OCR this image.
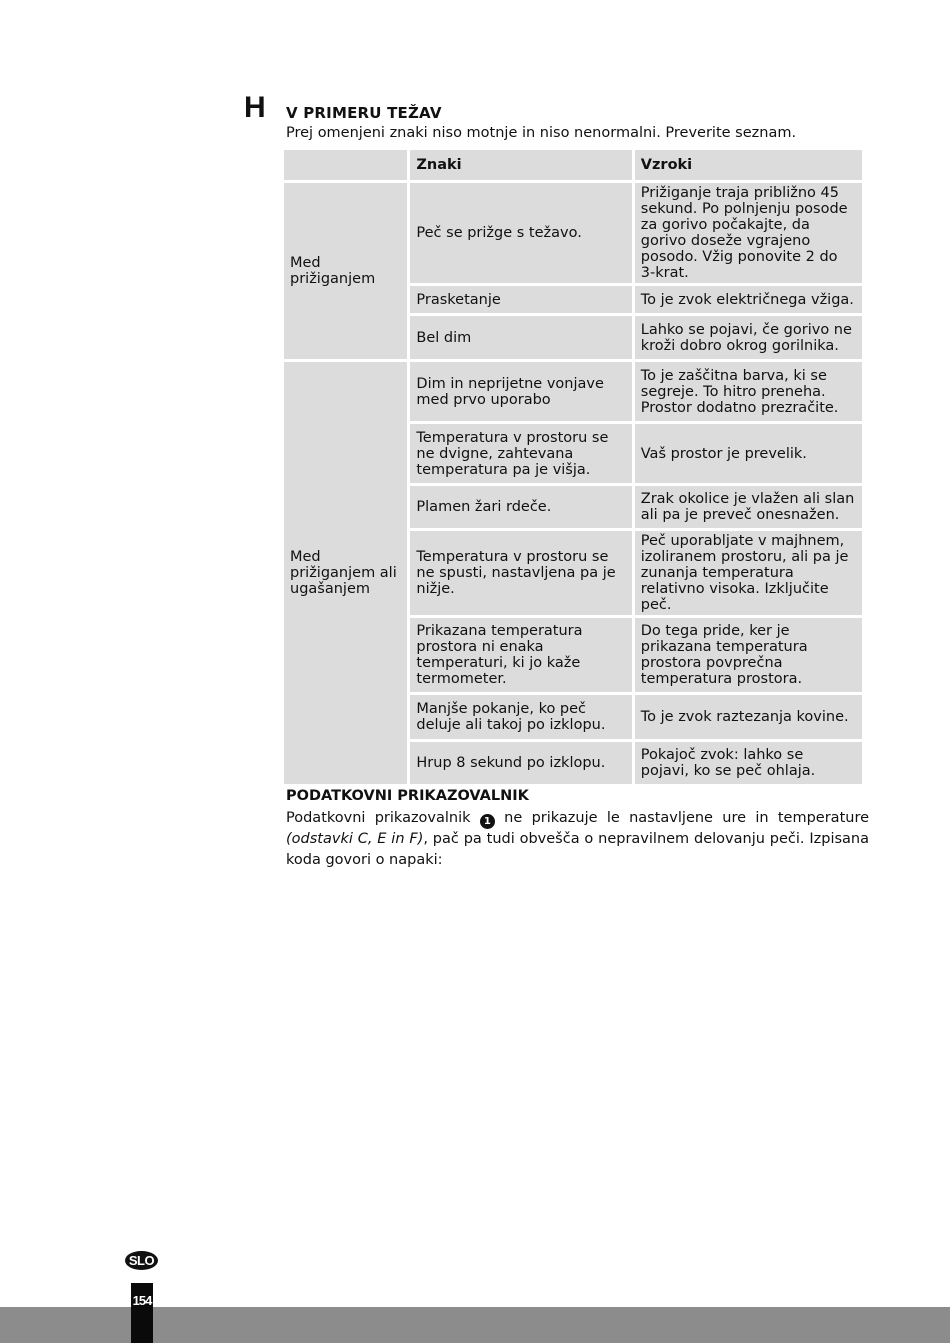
H V PRIMERU TEŽAV
Prej omenjeni znaki niso motnje in niso nenormalni. Preverite seznam.
	Znaki	Vzroki
Med prižiganjem	Peč se prižge s težavo.	Prižiganje traja približno 45 sekund. Po polnjenju posode za gorivo počakajte, da gorivo doseže vgrajeno posodo. Vžig ponovite 2 do 3-krat.
	Prasketanje	To je zvok električnega vžiga.
	Bel dim	Lahko se pojavi, če gorivo ne kroži dobro okrog gorilnika.
Med prižiganjem ali ugašanjem	Dim in neprijetne vonjave med prvo uporabo	To je zaščitna barva, ki se segreje. To hitro preneha. Prostor dodatno prezračite.
	Temperatura v prostoru se ne dvigne, zahtevana temperatura pa je višja.	Vaš prostor je prevelik.
	Plamen žari rdeče.	Zrak okolice je vlažen ali slan ali pa je preveč onesnažen.
	Temperatura v prostoru se ne spusti, nastavljena pa je nižje.	Peč uporabljate v majhnem, izoliranem prostoru, ali pa je zunanja temperatura relativno visoka. Izključite peč.
	Prikazana temperatura prostora ni enaka temperaturi, ki jo kaže termometer.	Do tega pride, ker je prikazana temperatura prostora povprečna temperatura prostora.
	Manjše pokanje, ko peč deluje ali takoj po izklopu.	To je zvok raztezanja kovine.
	Hrup 8 sekund po izklopu.	Pokajoč zvok: lahko se pojavi, ko se peč ohlaja.
PODATKOVNI PRIKAZOVALNIK
Podatkovni prikazovalnik 1 ne prikazuje le nastavljene ure in temperature (odstavki C, E in F), pač pa tudi obvešča o nepravilnem delovanju peči. Izpisana koda govori o napaki:
SLO
154
